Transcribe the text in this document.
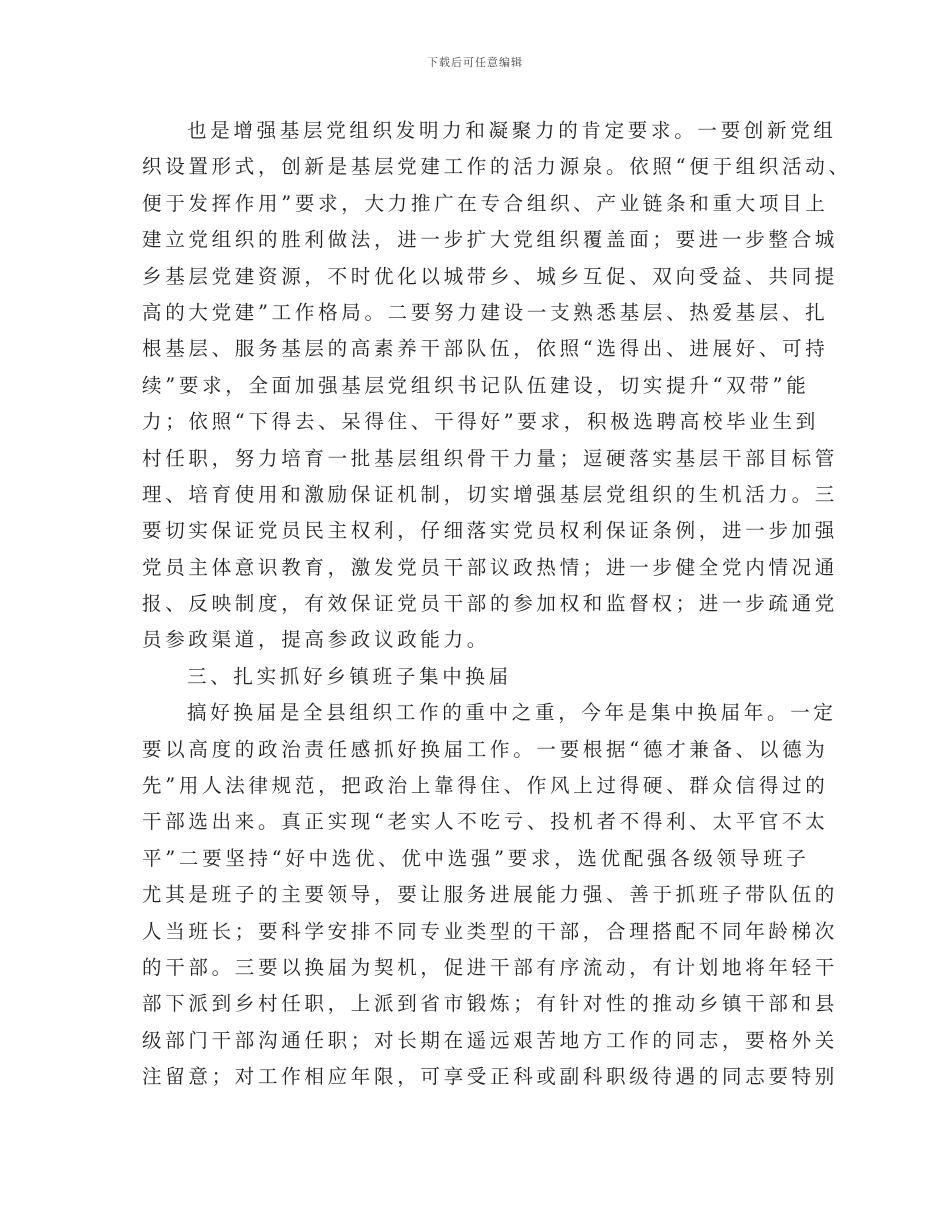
下载后可任意编辑
也是增强基层党组织发明力和凝聚力的肯定要求。一要创新党组
织设置形式，创新是基层党建工作的活力源泉。依照“便于组织活动、
便于发挥作用”要求，大力推广在专合组织、产业链条和重大项目上
建立党组织的胜利做法，进一步扩大党组织覆盖面；要进一步整合城
乡基层党建资源，不时优化以城带乡、城乡互促、双向受益、共同提
高的大党建”工作格局。二要努力建设一支熟悉基层、热爱基层、扎
根基层、服务基层的高素养干部队伍，依照“选得出、进展好、可持
续”要求，全面加强基层党组织书记队伍建设，切实提升“双带”能
力；依照“下得去、呆得住、干得好”要求，积极选聘高校毕业生到
村任职，努力培育一批基层组织骨干力量；逗硬落实基层干部目标管
理、培育使用和激励保证机制，切实增强基层党组织的生机活力。三
要切实保证党员民主权利，仔细落实党员权利保证条例，进一步加强
党员主体意识教育，激发党员干部议政热情；进一步健全党内情况通
报、反映制度，有效保证党员干部的参加权和监督权；进一步疏通党
员参政渠道，提高参政议政能力。
三、扎实抓好乡镇班子集中换届
搞好换届是全县组织工作的重中之重，今年是集中换届年。一定
要以高度的政治责任感抓好换届工作。一要根据“德才兼备、以德为
先”用人法律规范，把政治上靠得住、作风上过得硬、群众信得过的
干部选出来。真正实现“老实人不吃亏、投机者不得利、太平官不太
平”二要坚持“好中选优、优中选强”要求，选优配强各级领导班子
尤其是班子的主要领导，要让服务进展能力强、善于抓班子带队伍的
人当班长；要科学安排不同专业类型的干部，合理搭配不同年龄梯次
的干部。三要以换届为契机，促进干部有序流动，有计划地将年轻干
部下派到乡村任职，上派到省市锻炼；有针对性的推动乡镇干部和县
级部门干部沟通任职；对长期在遥远艰苦地方工作的同志，要格外关
注留意；对工作相应年限，可享受正科或副科职级待遇的同志要特别
